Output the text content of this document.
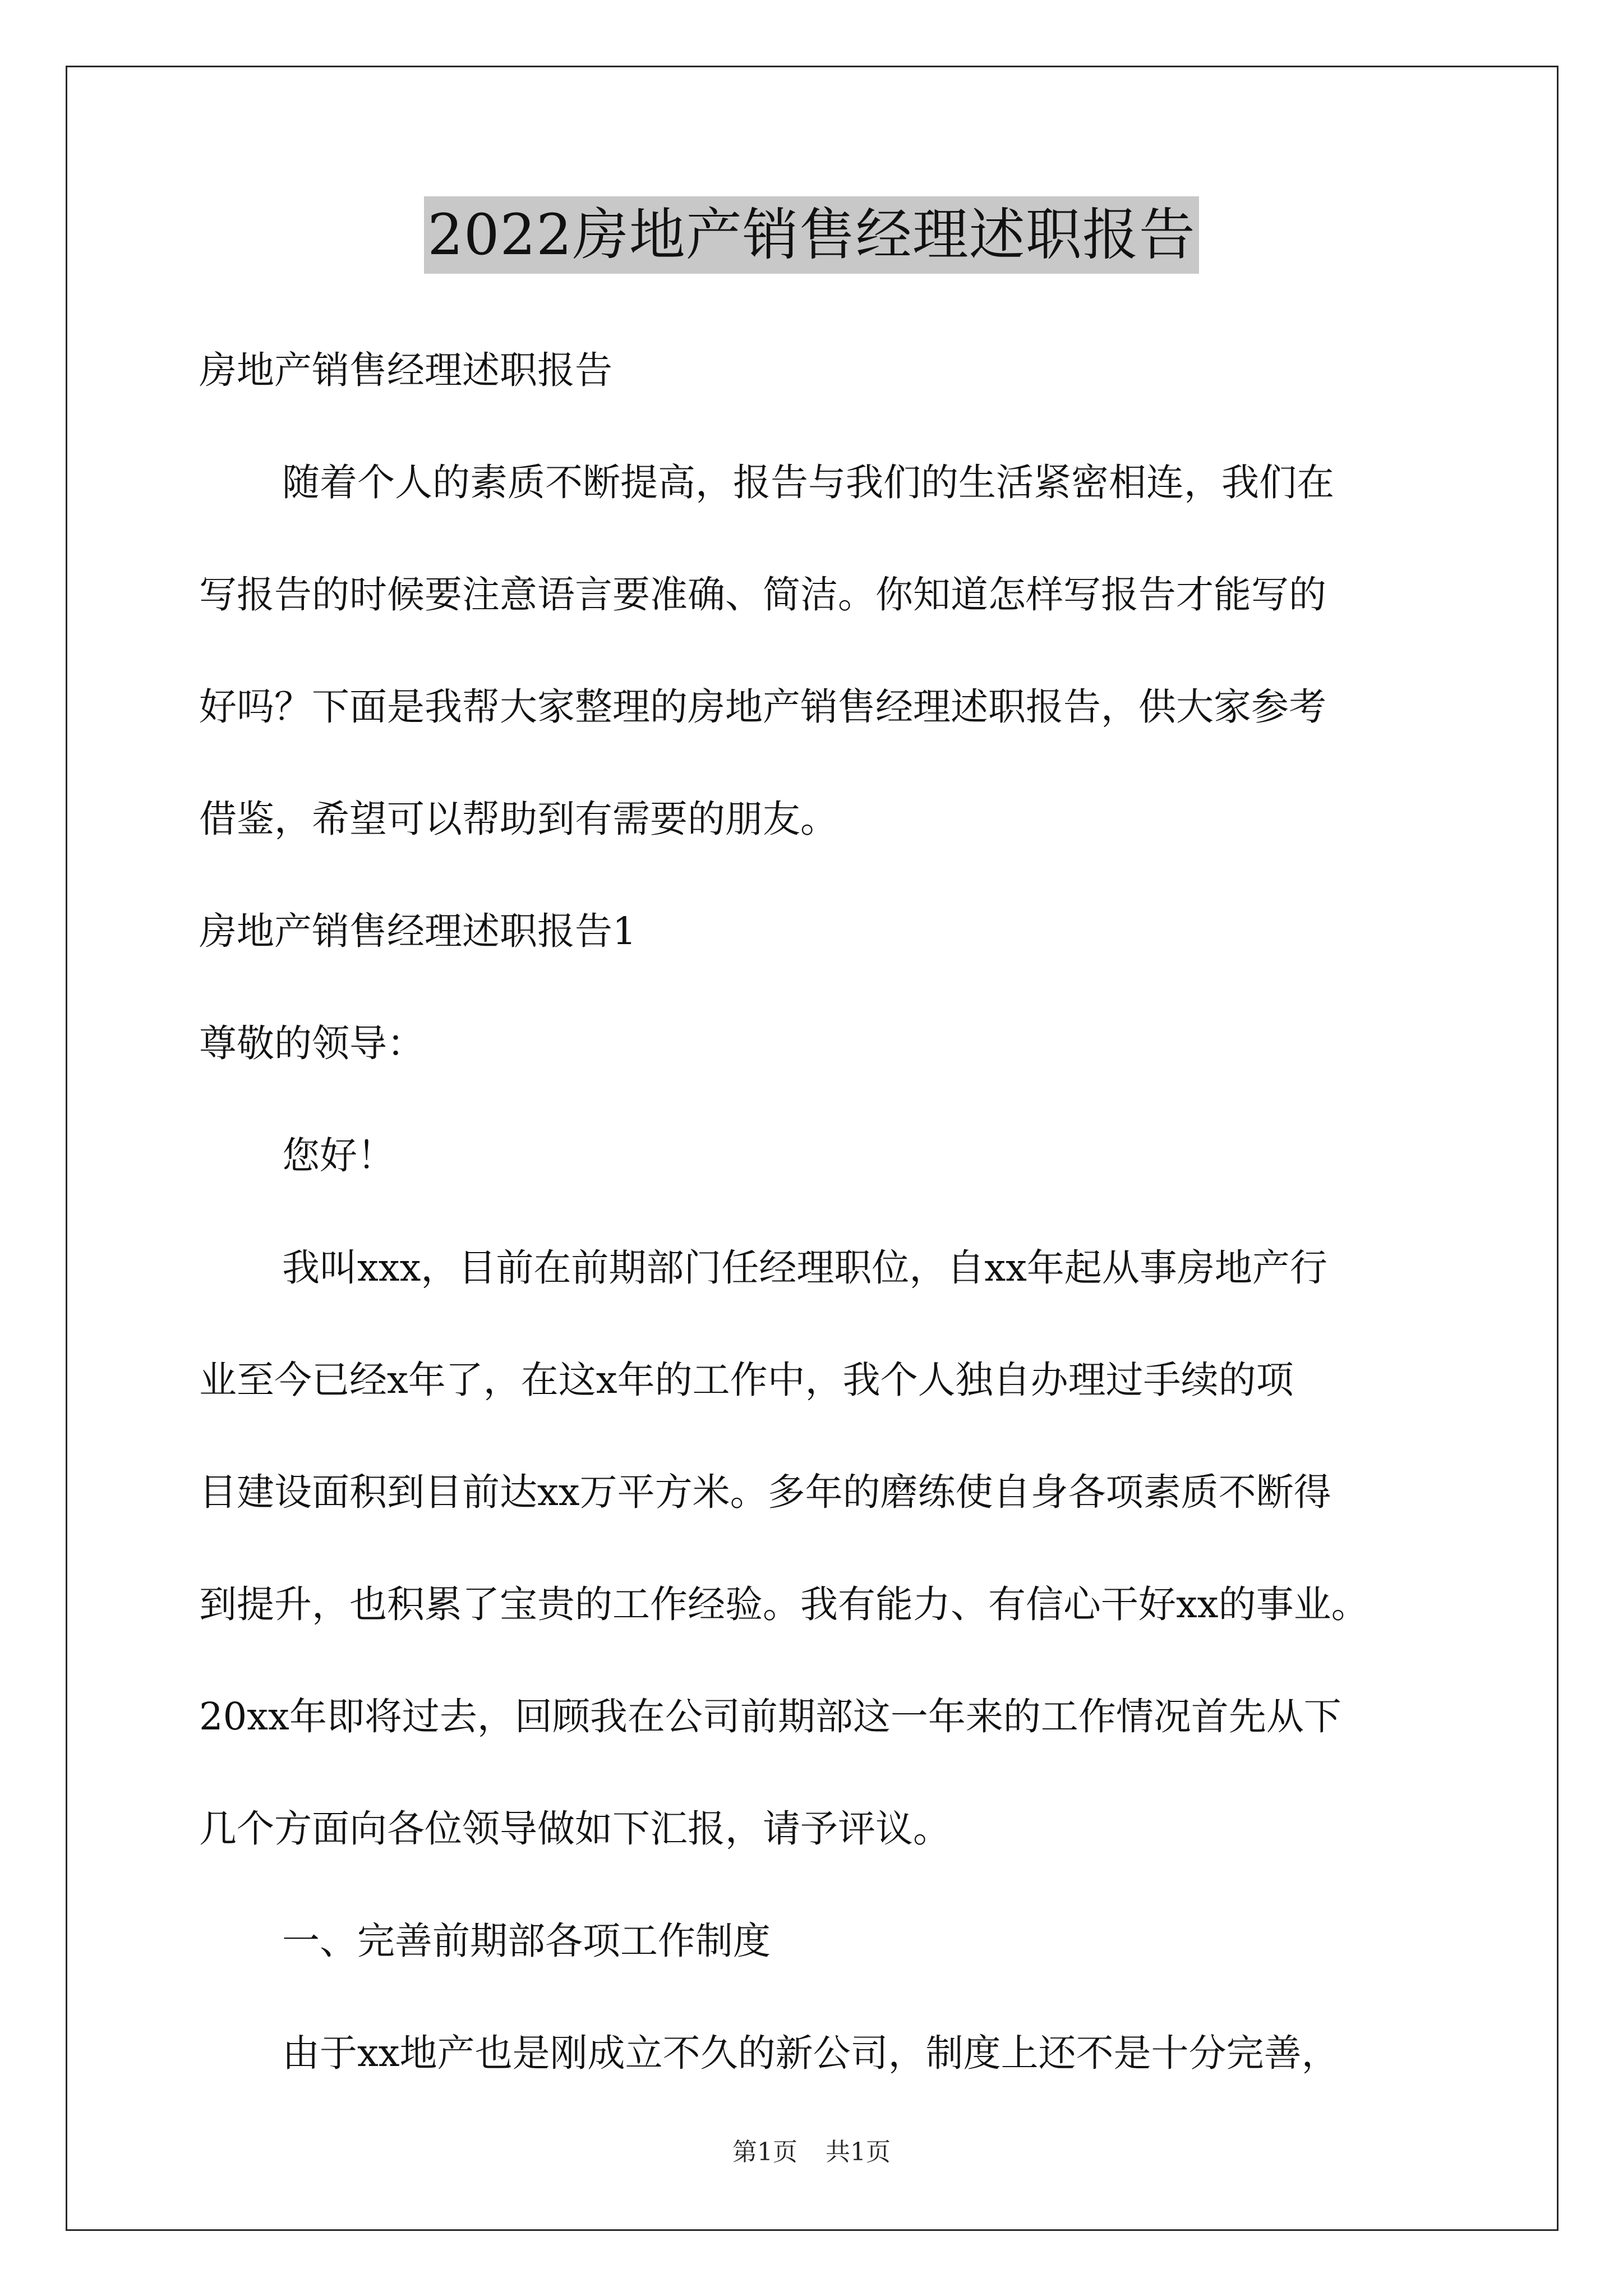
2022房地产销售经理述职报告
房地产销售经理述职报告
随着个人的素质不断提高，报告与我们的生活紧密相连，我们在
写报告的时候要注意语言要准确、简洁。你知道怎样写报告才能写的
好吗？下面是我帮大家整理的房地产销售经理述职报告，供大家参考
借鉴，希望可以帮助到有需要的朋友。
房地产销售经理述职报告1
尊敬的领导：
您好！
我叫xxx，目前在前期部门任经理职位，自xx年起从事房地产行
业至今已经x年了，在这x年的工作中，我个人独自办理过手续的项
目建设面积到目前达xx万平方米。多年的磨练使自身各项素质不断得
到提升，也积累了宝贵的工作经验。我有能力、有信心干好xx的事业。
20xx年即将过去，回顾我在公司前期部这一年来的工作情况首先从下
几个方面向各位领导做如下汇报，请予评议。
一、完善前期部各项工作制度
由于xx地产也是刚成立不久的新公司，制度上还不是十分完善，
第1页 共1页
